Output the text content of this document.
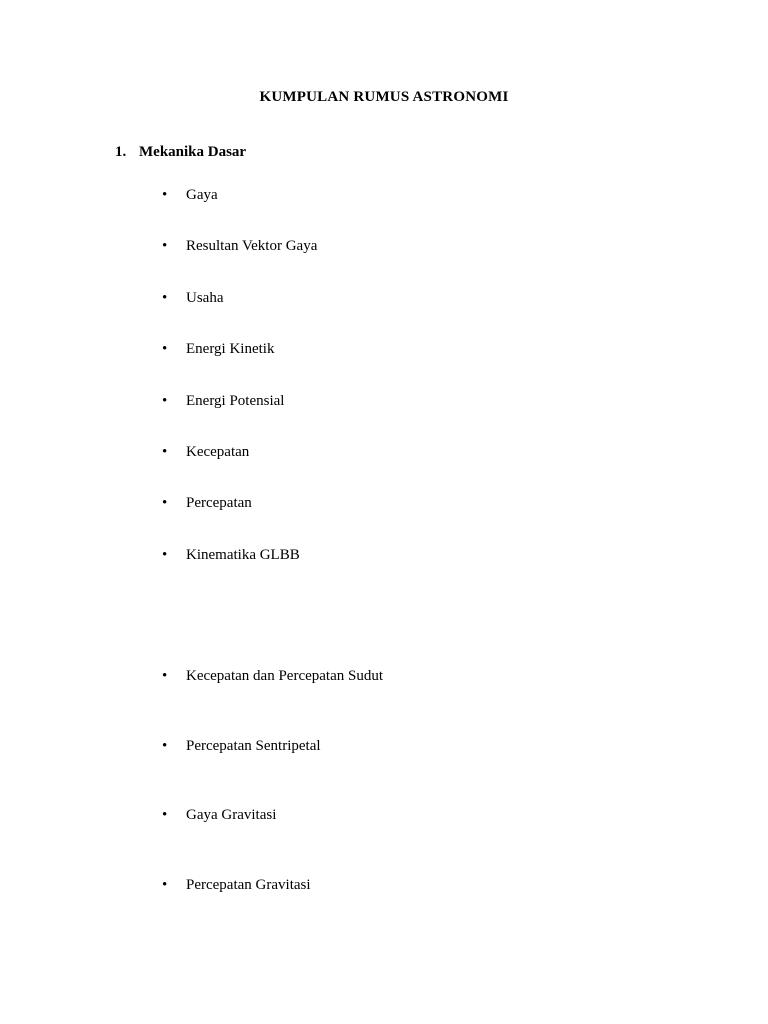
KUMPULAN RUMUS ASTRONOMI
1. Mekanika Dasar
• Gaya
• Resultan Vektor Gaya
• Usaha
• Energi Kinetik
• Energi Potensial
• Kecepatan
• Percepatan
• Kinematika GLBB
• Kecepatan dan Percepatan Sudut
• Percepatan Sentripetal
• Gaya Gravitasi
• Percepatan Gravitasi
